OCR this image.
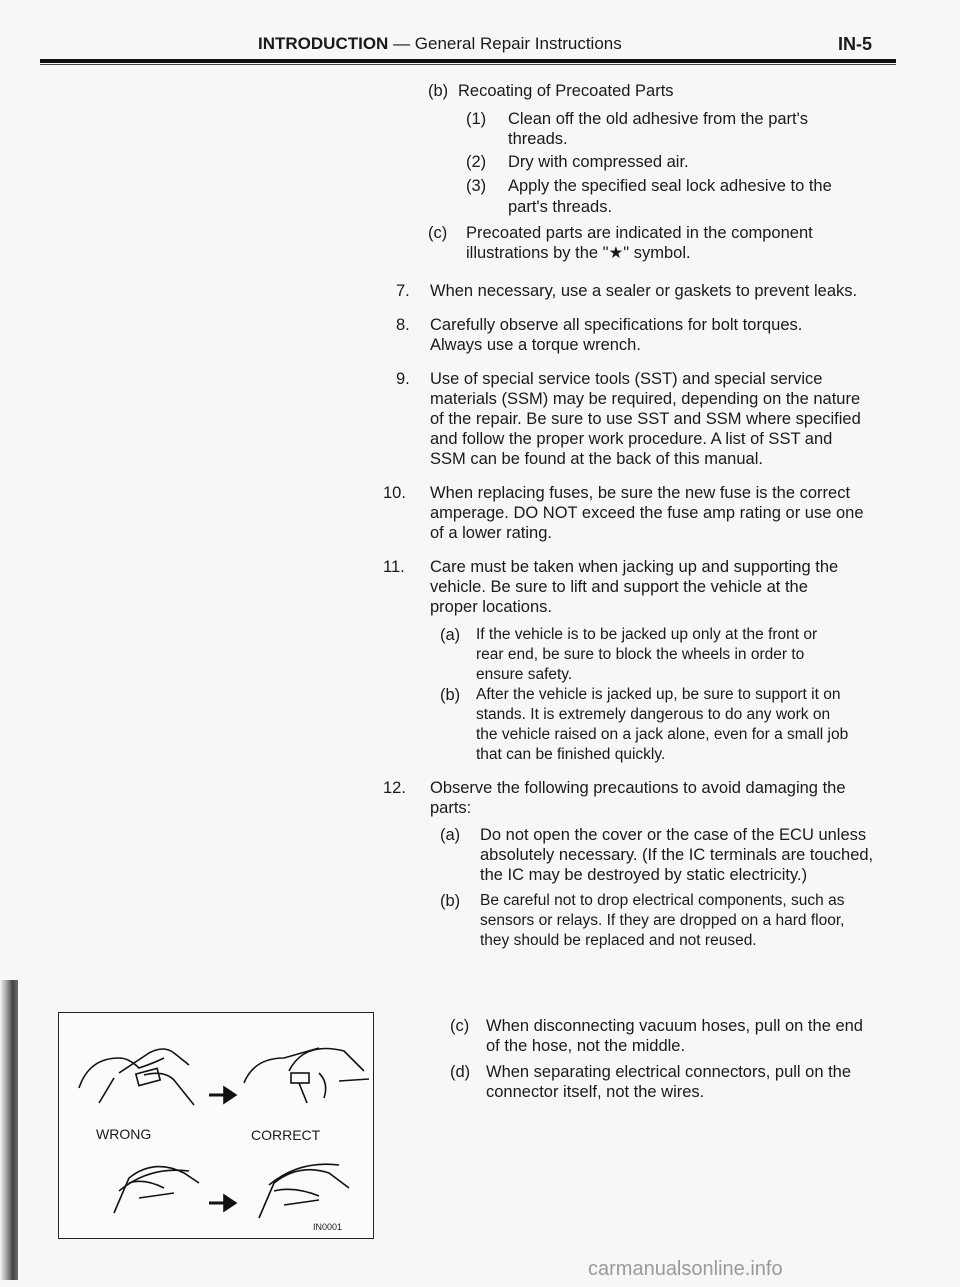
INTRODUCTION — General Repair Instructions	IN-5
(b) Recoating of Precoated Parts
(1) Clean off the old adhesive from the part's
threads.
(2) Dry with compressed air.
(3) Apply the specified seal lock adhesive to the
part's threads.
(c) Precoated parts are indicated in the component
illustrations by the "★" symbol.
7. When necessary, use a sealer or gaskets to prevent leaks.
8. Carefully observe all specifications for bolt torques.
Always use a torque wrench.
9. Use of special service tools (SST) and special service
materials (SSM) may be required, depending on the nature
of the repair. Be sure to use SST and SSM where specified
and follow the proper work procedure. A list of SST and
SSM can be found at the back of this manual.
10. When replacing fuses, be sure the new fuse is the correct
amperage. DO NOT exceed the fuse amp rating or use one
of a lower rating.
11. Care must be taken when jacking up and supporting the
vehicle. Be sure to lift and support the vehicle at the
proper locations.
(a) If the vehicle is to be jacked up only at the front or
rear end, be sure to block the wheels in order to
ensure safety.
(b) After the vehicle is jacked up, be sure to support it on
stands. It is extremely dangerous to do any work on
the vehicle raised on a jack alone, even for a small job
that can be finished quickly.
12. Observe the following precautions to avoid damaging the
parts:
(a) Do not open the cover or the case of the ECU unless
absolutely necessary. (If the IC terminals are touched,
the IC may be destroyed by static electricity.)
(b) Be careful not to drop electrical components, such as
sensors or relays. If they are dropped on a hard floor,
they should be replaced and not reused.
(c) When disconnecting vacuum hoses, pull on the end
of the hose, not the middle.
(d) When separating electrical connectors, pull on the
connector itself, not the wires.
WRONG	CORRECT
IN0001
carmanualsonline.info
